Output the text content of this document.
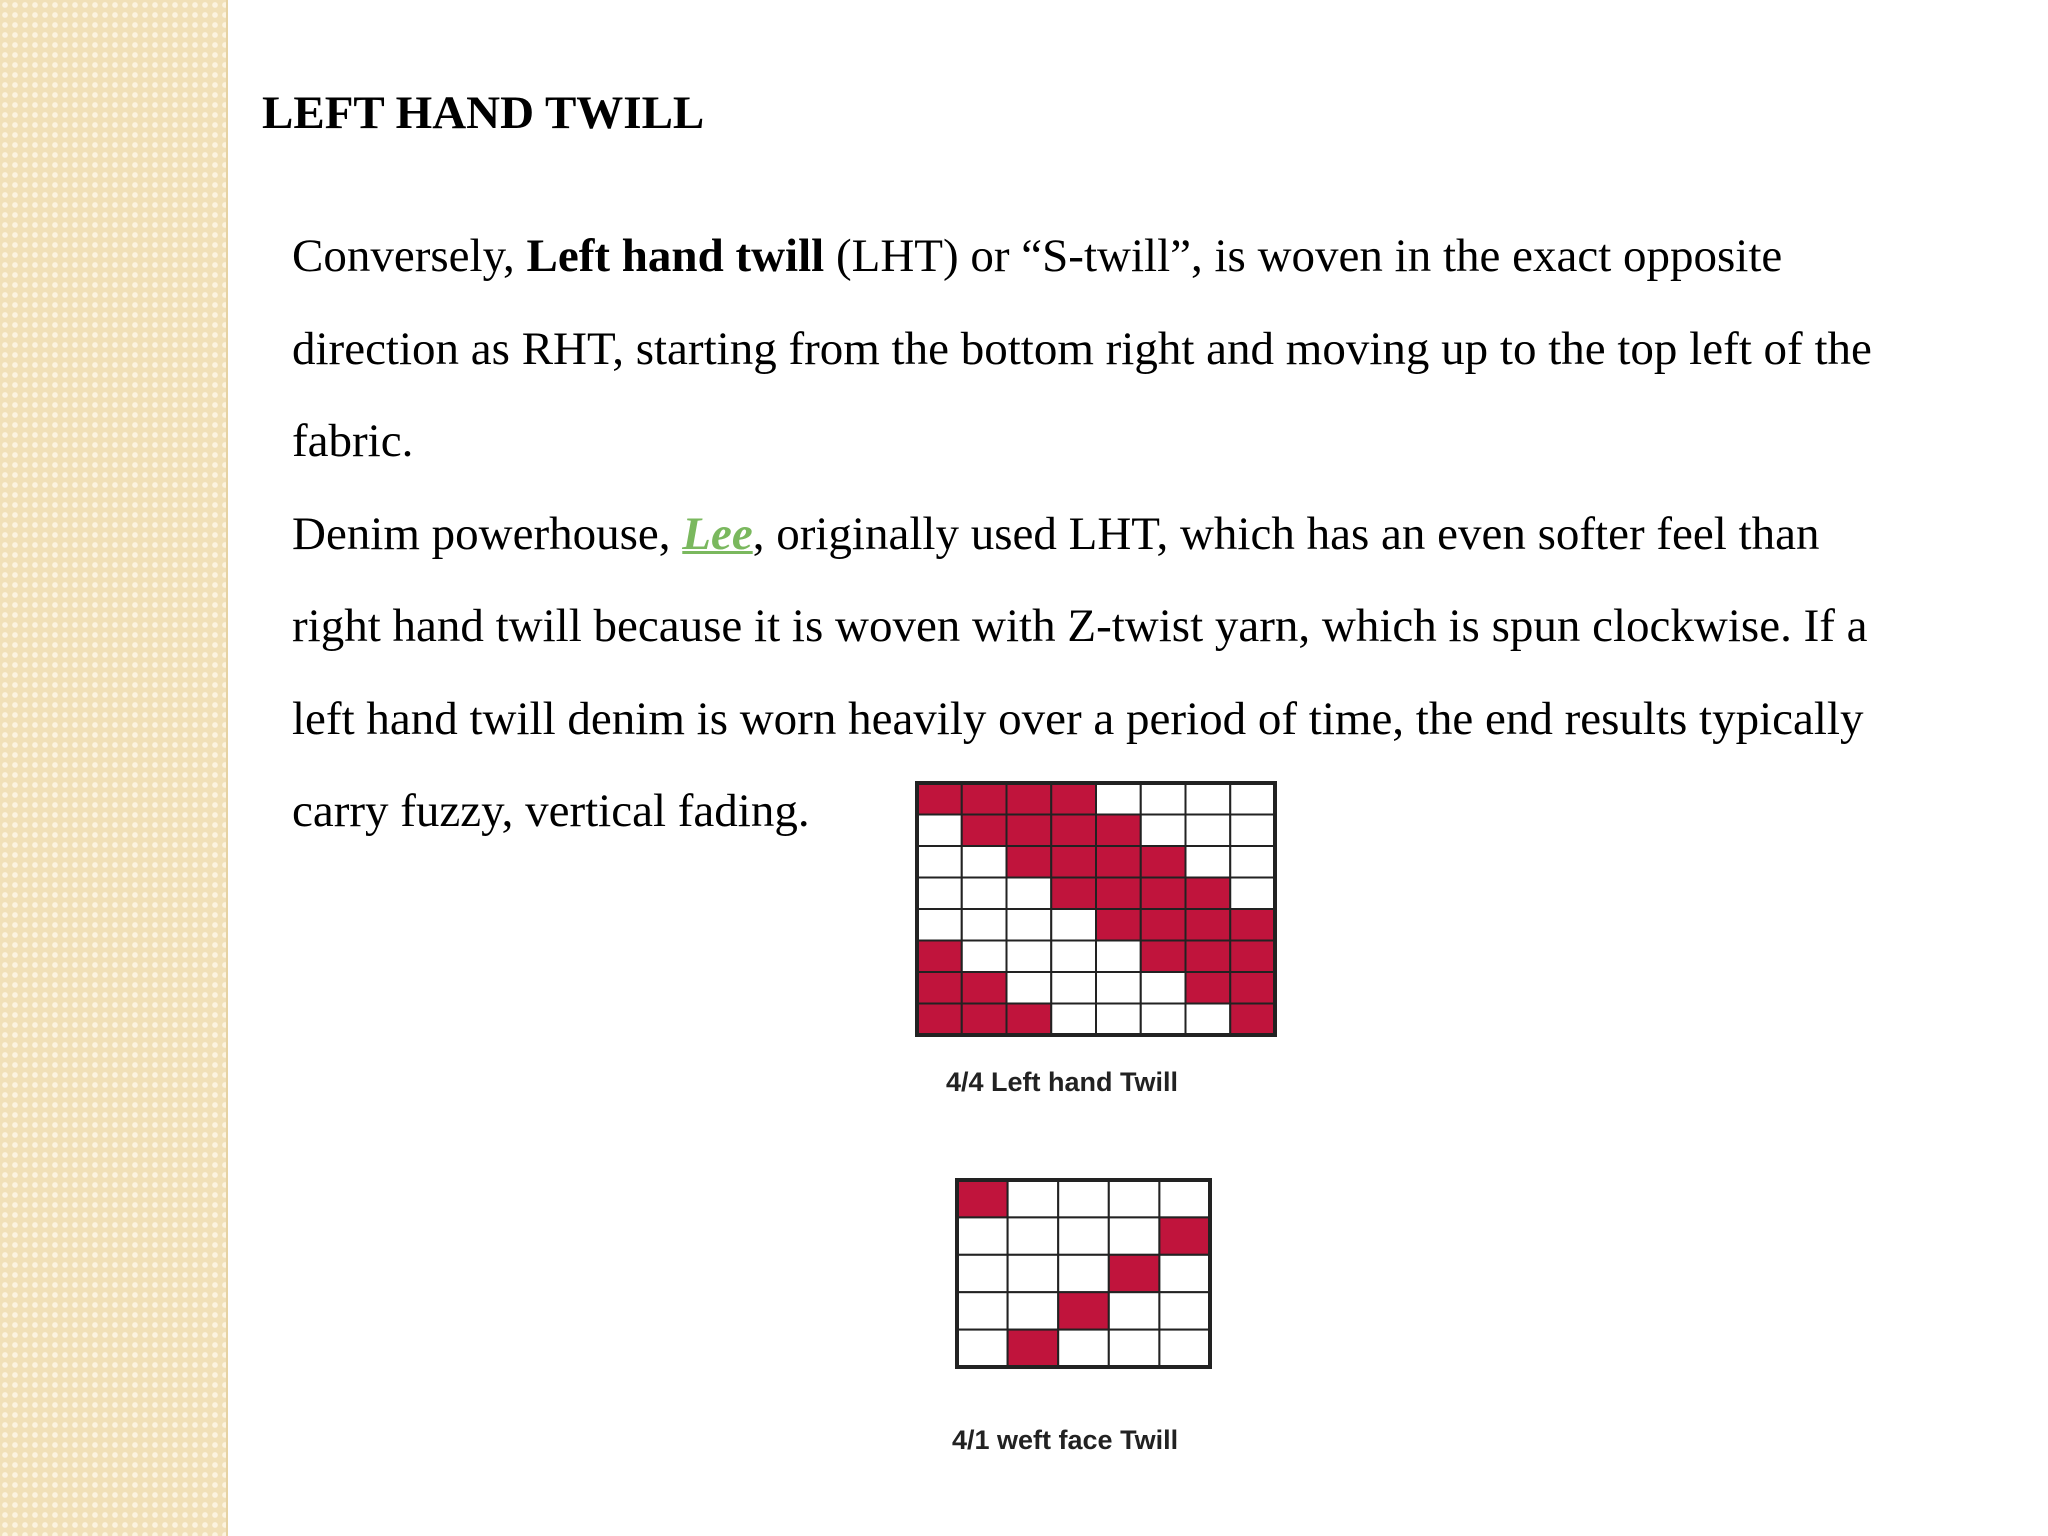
LEFT HAND TWILL
Conversely, Left hand twill (LHT) or “S-twill”, is woven in the exact opposite
direction as RHT, starting from the bottom right and moving up to the top left of the
fabric.
Denim powerhouse, Lee, originally used LHT, which has an even softer feel than
right hand twill because it is woven with Z-twist yarn, which is spun clockwise. If a
left hand twill denim is worn heavily over a period of time, the end results typically
carry fuzzy, vertical fading.

4/4 Left hand Twill

4/1 weft face Twill
